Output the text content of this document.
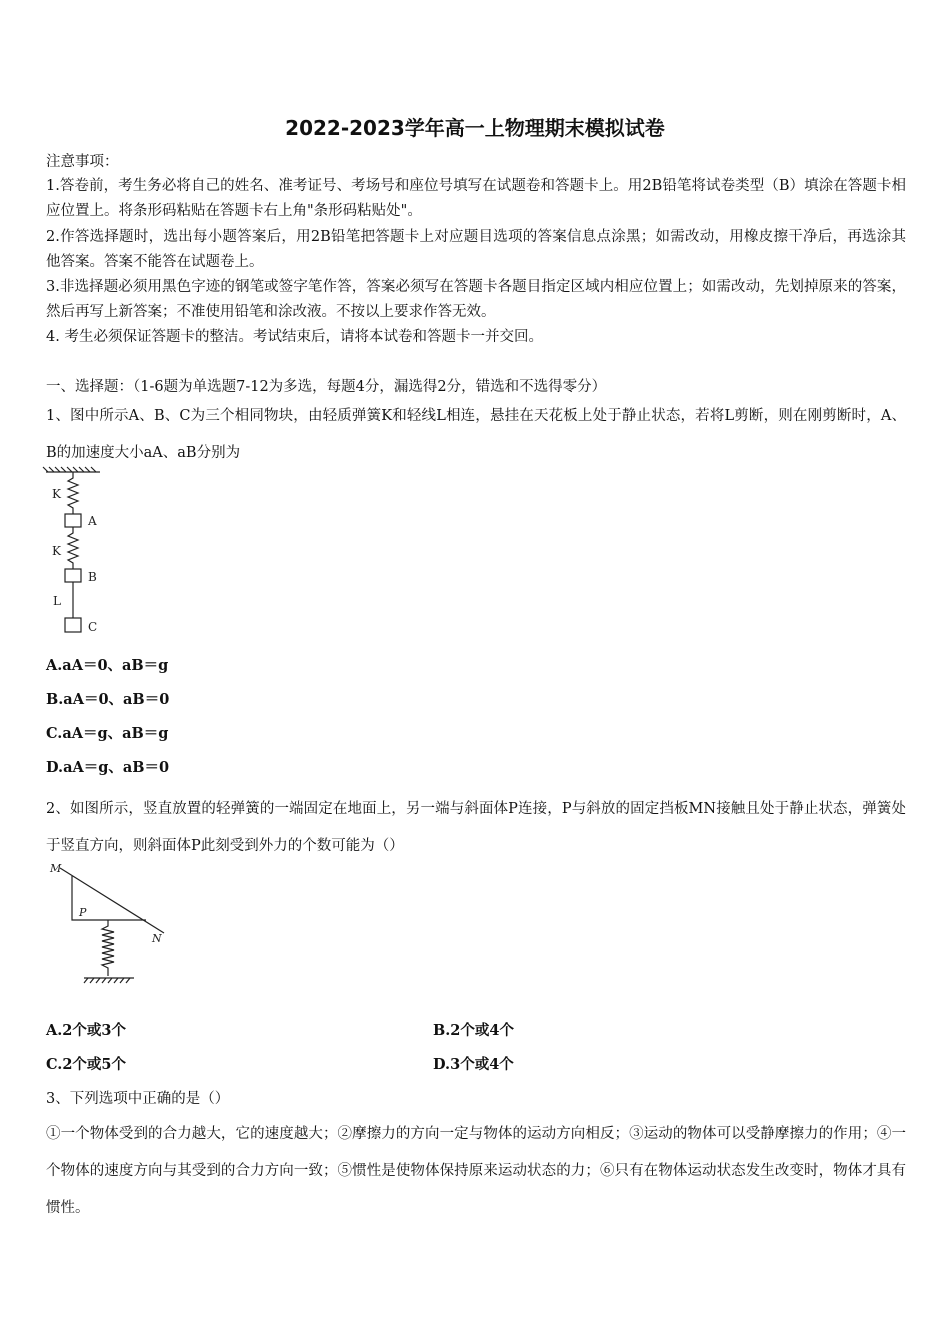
2022-2023学年高一上物理期末模拟试卷
注意事项：
1.答卷前，考生务必将自己的姓名、准考证号、考场号和座位号填写在试题卷和答题卡上。用2B铅笔将试卷类型（B）填涂在答题卡相应位置上。将条形码粘贴在答题卡右上角"条形码粘贴处"。
2.作答选择题时，选出每小题答案后，用2B铅笔把答题卡上对应题目选项的答案信息点涂黑；如需改动，用橡皮擦干净后，再选涂其他答案。答案不能答在试题卷上。
3.非选择题必须用黑色字迹的钢笔或签字笔作答，答案必须写在答题卡各题目指定区域内相应位置上；如需改动，先划掉原来的答案，然后再写上新答案；不准使用铅笔和涂改液。不按以上要求作答无效。
4. 考生必须保证答题卡的整洁。考试结束后，请将本试卷和答题卡一并交回。
一、选择题：（1-6题为单选题7-12为多选，每题4分，漏选得2分，错选和不选得零分）
1、图中所示A、B、C为三个相同物块，由轻质弹簧K和轻线L相连，悬挂在天花板上处于静止状态，若将L剪断，则在刚剪断时，A、B的加速度大小aA、aB分别为
K
A
K
B
L
C
A.aA＝0、aB＝g
B.aA＝0、aB＝0
C.aA＝g、aB＝g
D.aA＝g、aB＝0
2、如图所示，竖直放置的轻弹簧的一端固定在地面上，另一端与斜面体P连接，P与斜放的固定挡板MN接触且处于静止状态，弹簧处于竖直方向，则斜面体P此刻受到外力的个数可能为（）
M
P
N
A.2个或3个	B.2个或4个
C.2个或5个	D.3个或4个
3、下列选项中正确的是（）
①一个物体受到的合力越大，它的速度越大；②摩擦力的方向一定与物体的运动方向相反；③运动的物体可以受静摩擦力的作用；④一个物体的速度方向与其受到的合力方向一致；⑤惯性是使物体保持原来运动状态的力；⑥只有在物体运动状态发生改变时，物体才具有惯性。
